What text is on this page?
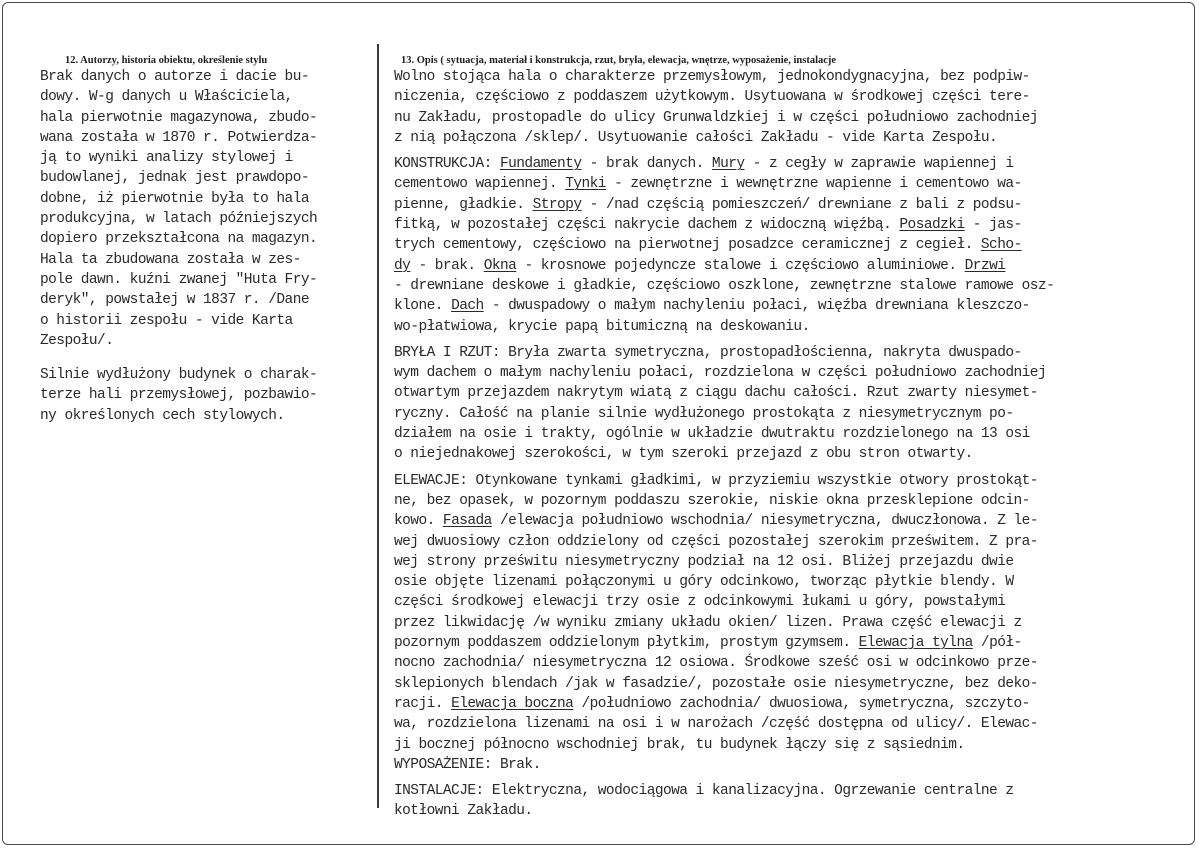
12. Autorzy, historia obiektu, określenie stylu	13. Opis ( sytuacja, materiał i konstrukcja, rzut, bryła, elewacja, wnętrze, wyposażenie, instalacje
Brak danych o autorze i dacie bu-
dowy. W-g danych u Właściciela,
hala pierwotnie magazynowa, zbudo-
wana została w 1870 r. Potwierdza-
ją to wyniki analizy stylowej i
budowlanej, jednak jest prawdopo-
dobne, iż pierwotnie była to hala
produkcyjna, w latach późniejszych
dopiero przekształcona na magazyn.
Hala ta zbudowana została w zes-
pole dawn. kuźni zwanej "Huta Fry-
deryk", powstałej w 1837 r. /Dane
o historii zespołu - vide Karta
Zespołu/.
Silnie wydłużony budynek o charak-
terze hali przemysłowej, pozbawio-
ny określonych cech stylowych.
Wolno stojąca hala o charakterze przemysłowym, jednokondygnacyjna, bez podpiw-
niczenia, częściowo z poddaszem użytkowym. Usytuowana w środkowej części tere-
nu Zakładu, prostopadle do ulicy Grunwaldzkiej i w części południowo zachodniej
z nią połączona /sklep/. Usytuowanie całości Zakładu - vide Karta Zespołu.
KONSTRUKCJA: Fundamenty - brak danych. Mury - z cegły w zaprawie wapiennej i
cementowo wapiennej. Tynki - zewnętrzne i wewnętrzne wapienne i cementowo wa-
pienne, gładkie. Stropy - /nad częścią pomieszczeń/ drewniane z bali z podsu-
fitką, w pozostałej części nakrycie dachem z widoczną więźbą. Posadzki - jas-
trych cementowy, częściowo na pierwotnej posadzce ceramicznej z cegieł. Scho-
dy - brak. Okna - krosnowe pojedyncze stalowe i częściowo aluminiowe. Drzwi
- drewniane deskowe i gładkie, częściowo oszklone, zewnętrzne stalowe ramowe osz-
klone. Dach - dwuspadowy o małym nachyleniu połaci, więźba drewniana kleszczo-
wo-płatwiowa, krycie papą bitumiczną na deskowaniu.
BRYŁA I RZUT: Bryła zwarta symetryczna, prostopadłościenna, nakryta dwuspado-
wym dachem o małym nachyleniu połaci, rozdzielona w części południowo zachodniej
otwartym przejazdem nakrytym wiatą z ciągu dachu całości. Rzut zwarty niesymet-
ryczny. Całość na planie silnie wydłużonego prostokąta z niesymetrycznym po-
działem na osie i trakty, ogólnie w układzie dwutraktu rozdzielonego na 13 osi
o niejednakowej szerokości, w tym szeroki przejazd z obu stron otwarty.
ELEWACJE: Otynkowane tynkami gładkimi, w przyziemiu wszystkie otwory prostokąt-
ne, bez opasek, w pozornym poddaszu szerokie, niskie okna przesklepione odcin-
kowo. Fasada /elewacja południowo wschodnia/ niesymetryczna, dwuczłonowa. Z le-
wej dwuosiowy człon oddzielony od części pozostałej szerokim prześwitem. Z pra-
wej strony prześwitu niesymetryczny podział na 12 osi. Bliżej przejazdu dwie
osie objęte lizenami połączonymi u góry odcinkowo, tworząc płytkie blendy. W
części środkowej elewacji trzy osie z odcinkowymi łukami u góry, powstałymi
przez likwidację /w wyniku zmiany układu okien/ lizen. Prawa część elewacji z
pozornym poddaszem oddzielonym płytkim, prostym gzymsem. Elewacja tylna /pół-
nocno zachodnia/ niesymetryczna 12 osiowa. Środkowe sześć osi w odcinkowo prze-
sklepionych blendach /jak w fasadzie/, pozostałe osie niesymetryczne, bez deko-
racji. Elewacja boczna /południowo zachodnia/ dwuosiowa, symetryczna, szczyto-
wa, rozdzielona lizenami na osi i w narożach /część dostępna od ulicy/. Elewac-
ji bocznej północno wschodniej brak, tu budynek łączy się z sąsiednim.
WYPOSAŻENIE: Brak.
INSTALACJE: Elektryczna, wodociągowa i kanalizacyjna. Ogrzewanie centralne z
kotłowni Zakładu.
